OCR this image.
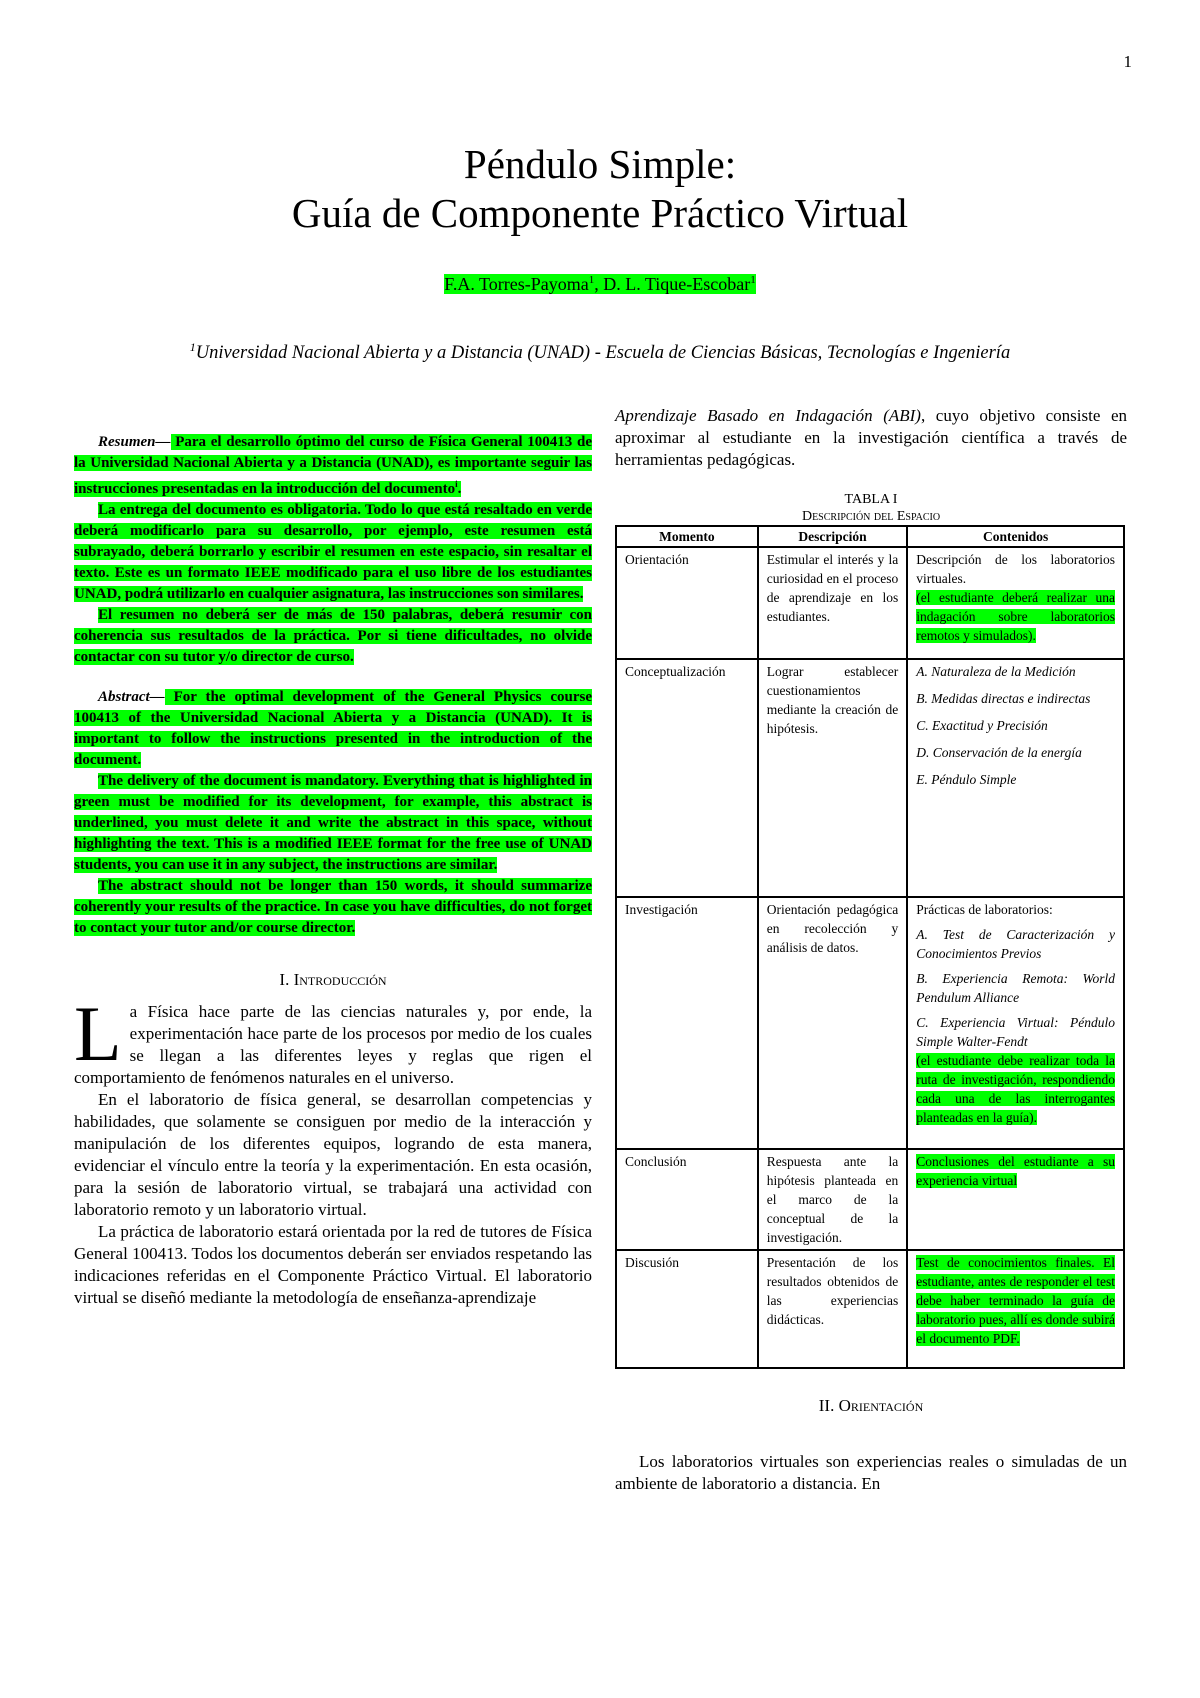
1
Péndulo Simple:
Guía de Componente Práctico Virtual
F.A. Torres-Payoma$^1$, D. L. Tique-Escobar$^1$
$^1$Universidad Nacional Abierta y a Distancia (UNAD) - Escuela de Ciencias Básicas, Tecnologías e Ingeniería

Resumen— Para el desarrollo óptimo del curso de Física General 100413 de la Universidad Nacional Abierta y a Distancia (UNAD), es importante seguir las instrucciones presentadas en la introducción del documento$^i$.

La entrega del documento es obligatoria. Todo lo que está resaltado en verde deberá modificarlo para su desarrollo, por ejemplo, este resumen está subrayado, deberá borrarlo y escribir el resumen en este espacio, sin resaltar el texto. Este es un formato IEEE modificado para el uso libre de los estudiantes UNAD, podrá utilizarlo en cualquier asignatura, las instrucciones son similares.

El resumen no deberá ser de más de 150 palabras, deberá resumir con coherencia sus resultados de la práctica. Por si tiene dificultades, no olvide contactar con su tutor y/o director de curso.

Abstract— For the optimal development of the General Physics course 100413 of the Universidad Nacional Abierta y a Distancia (UNAD). It is important to follow the instructions presented in the introduction of the document.

The delivery of the document is mandatory. Everything that is highlighted in green must be modified for its development, for example, this abstract is underlined, you must delete it and write the abstract in this space, without highlighting the text. This is a modified IEEE format for the free use of UNAD students, you can use it in any subject, the instructions are similar.

The abstract should not be longer than 150 words, it should summarize coherently your results of the practice. In case you have difficulties, do not forget to contact your tutor and/or course director.

I. Introducción

La Física hace parte de las ciencias naturales y, por ende, la experimentación hace parte de los procesos por medio de los cuales se llegan a las diferentes leyes y reglas que rigen el comportamiento de fenómenos naturales en el universo.

En el laboratorio de física general, se desarrollan competencias y habilidades, que solamente se consiguen por medio de la interacción y manipulación de los diferentes equipos, logrando de esta manera, evidenciar el vínculo entre la teoría y la experimentación. En esta ocasión, para la sesión de laboratorio virtual, se trabajará una actividad con laboratorio remoto y un laboratorio virtual.

La práctica de laboratorio estará orientada por la red de tutores de Física General 100413. Todos los documentos deberán ser enviados respetando las indicaciones referidas en el Componente Práctico Virtual. El laboratorio virtual se diseñó mediante la metodología de enseñanza-aprendizaje

Aprendizaje Basado en Indagación (ABI), cuyo objetivo consiste en aproximar al estudiante en la investigación científica a través de herramientas pedagógicas.

TABLA I
Descripción del Espacio
Momento	Descripción	Contenidos
Orientación	Estimular el interés y la curiosidad en el proceso de aprendizaje en los estudiantes.	Descripción de los laboratorios virtuales.
(el estudiante deberá realizar una indagación sobre laboratorios remotos y simulados).
Conceptualización	Lograr establecer cuestionamientos mediante la creación de hipótesis.	A. Naturaleza de la Medición
B. Medidas directas e indirectas
C. Exactitud y Precisión
D. Conservación de la energía
E. Péndulo Simple

Investigación	Orientación pedagógica en recolección y análisis de datos.	Prácticas de laboratorios:
A. Test de Caracterización y Conocimientos Previos
B. Experiencia Remota: World Pendulum Alliance
C. Experiencia Virtual: Péndulo Simple Walter-Fendt
(el estudiante debe realizar toda la ruta de investigación, respondiendo cada una de las interrogantes planteadas en la guía).
Conclusión	Respuesta ante la hipótesis planteada en el marco de la conceptual de la investigación.	Conclusiones del estudiante a su experiencia virtual
Discusión	Presentación de los resultados obtenidos de las experiencias didácticas.	Test de conocimientos finales. El estudiante, antes de responder el test debe haber terminado la guía de laboratorio pues, allí es donde subirá el documento PDF.

II. Orientación

Los laboratorios virtuales son experiencias reales o simuladas de un ambiente de laboratorio a distancia. En
